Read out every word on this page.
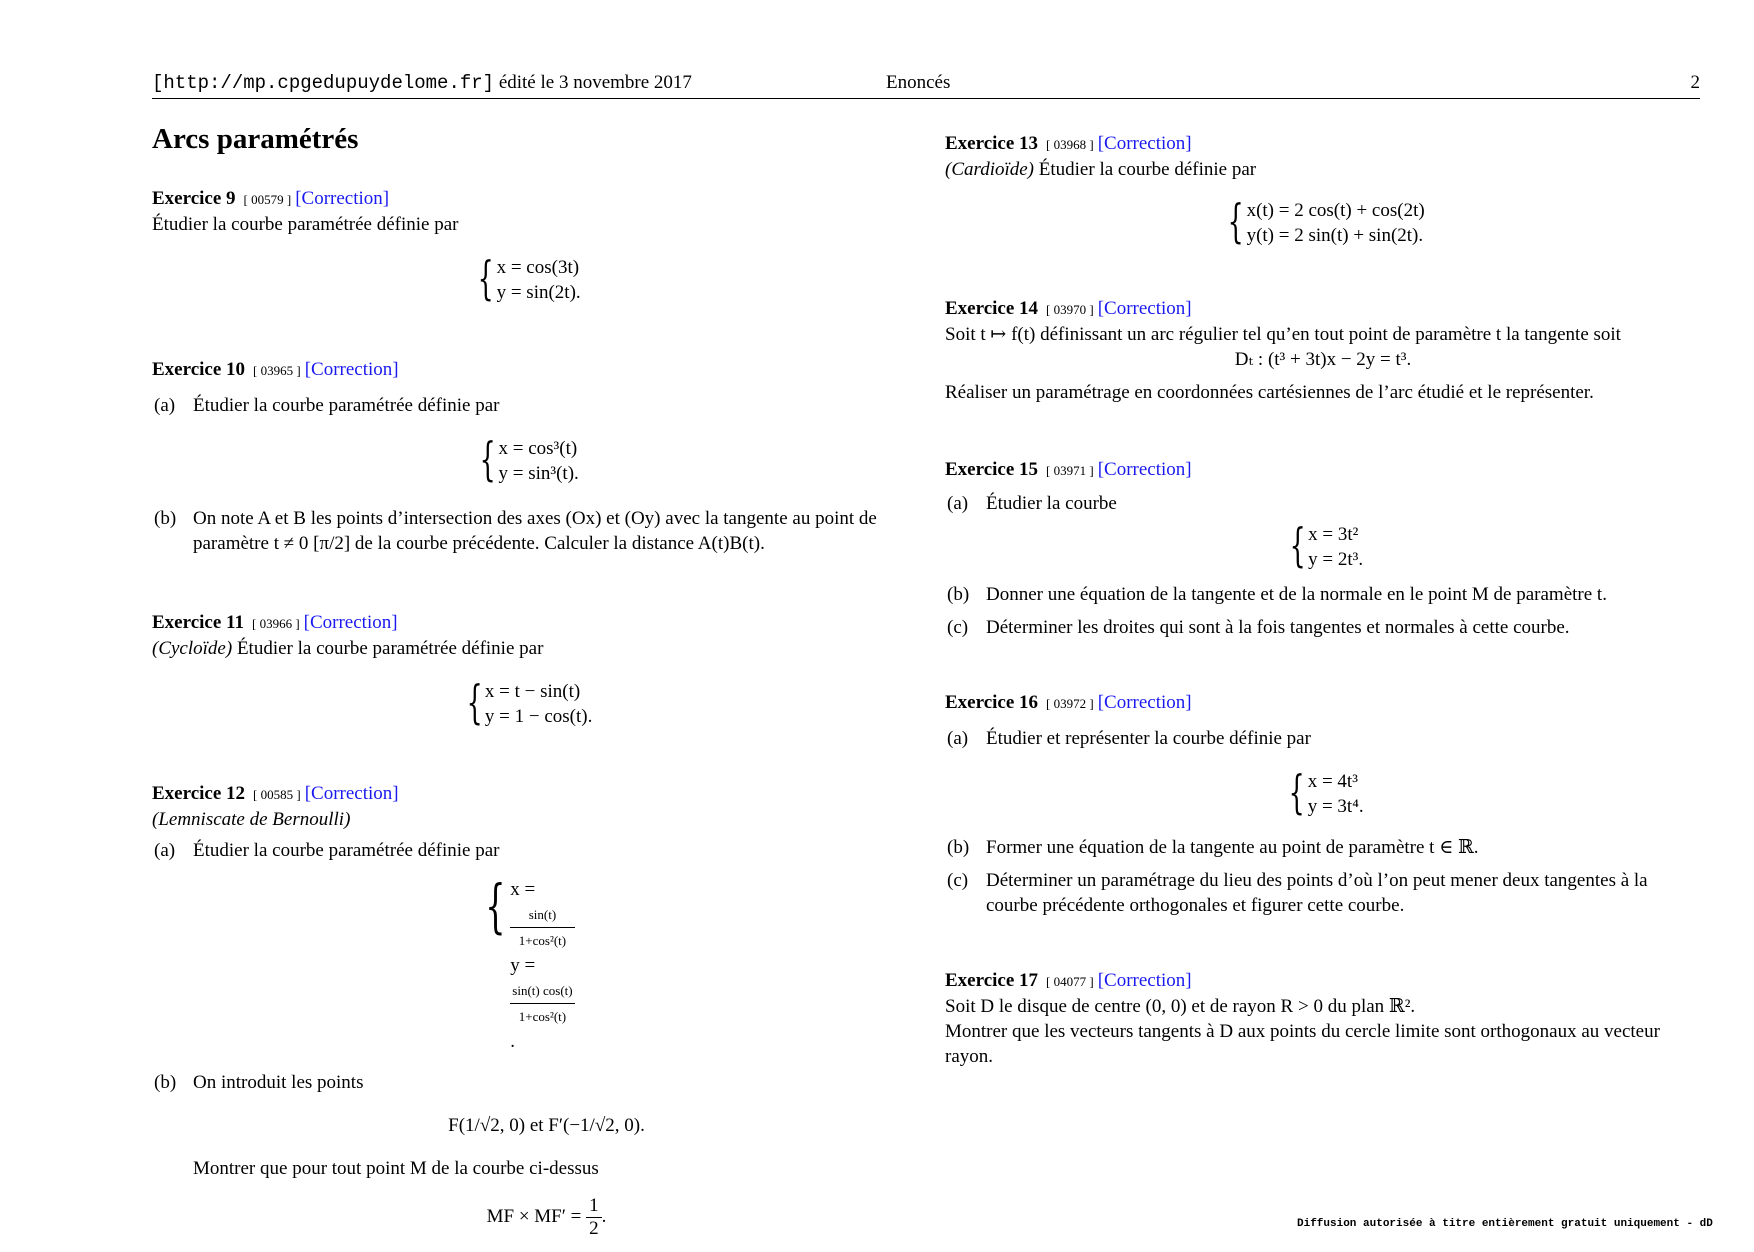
[http://mp.cpgedupuydelome.fr] édité le 3 novembre 2017	Enoncés	2
Arcs paramétrés

Exercice 9 [ 00579 ] [Correction]

Étudier la courbe paramétrée définie par

{ x = cos(3t)
y = sin(2t).

Exercice 10 [ 03965 ] [Correction]

(a) Étudier la courbe paramétrée définie par
{ x = cos³(t)
y = sin³(t).
(b) On note A et B les points d’intersection des axes (Ox) et (Oy) avec la tangente au point de paramètre t ≠ 0 [π/2] de la courbe précédente. Calculer la distance A(t)B(t).

Exercice 11 [ 03966 ] [Correction]

(Cycloïde) Étudier la courbe paramétrée définie par

{ x = t − sin(t)
y = 1 − cos(t).

Exercice 12 [ 00585 ] [Correction]

(Lemniscate de Bernoulli)

(a) Étudier la courbe paramétrée définie par
{ x =
sin(t)
1+cos²(t)
y =
sin(t) cos(t)
1+cos²(t)
.
(b) On introduit les points
F(1/√2, 0) et F′(−1/√2, 0).

Montrer que pour tout point M de la courbe ci-dessus

MF × $MF' = \frac{1}{2}$ .

Exercice 13 [ 03968 ] [Correction]

(Cardioïde) Étudier la courbe définie par

{ x(t) = 2 cos(t) + cos(2t)
y(t) = 2 sin(t) + sin(2t).

Exercice 14 [ 03970 ] [Correction]

Soit t ↦ f(t) définissant un arc régulier tel qu’en tout point de paramètre t la tangente soit

Dₜ : (t³ + 3t)x − 2y = t³.

Réaliser un paramétrage en coordonnées cartésiennes de l’arc étudié et le représenter.

Exercice 15 [ 03971 ] [Correction]

(a) Étudier la courbe
{ x = 3t²
y = 2t³.
(b) Donner une équation de la tangente et de la normale en le point M de paramètre t.
(c) Déterminer les droites qui sont à la fois tangentes et normales à cette courbe.

Exercice 16 [ 03972 ] [Correction]

(a) Étudier et représenter la courbe définie par
{ x = 4t³
y = 3t⁴.
(b) Former une équation de la tangente au point de paramètre t ∈ ℝ.
(c) Déterminer un paramétrage du lieu des points d’où l’on peut mener deux tangentes à la courbe précédente orthogonales et figurer cette courbe.

Exercice 17 [ 04077 ] [Correction]

Soit D le disque de centre (0, 0) et de rayon R > 0 du plan ℝ².

Montrer que les vecteurs tangents à D aux points du cercle limite sont orthogonaux au vecteur rayon.

Diffusion autorisée à titre entièrement gratuit uniquement - dD
